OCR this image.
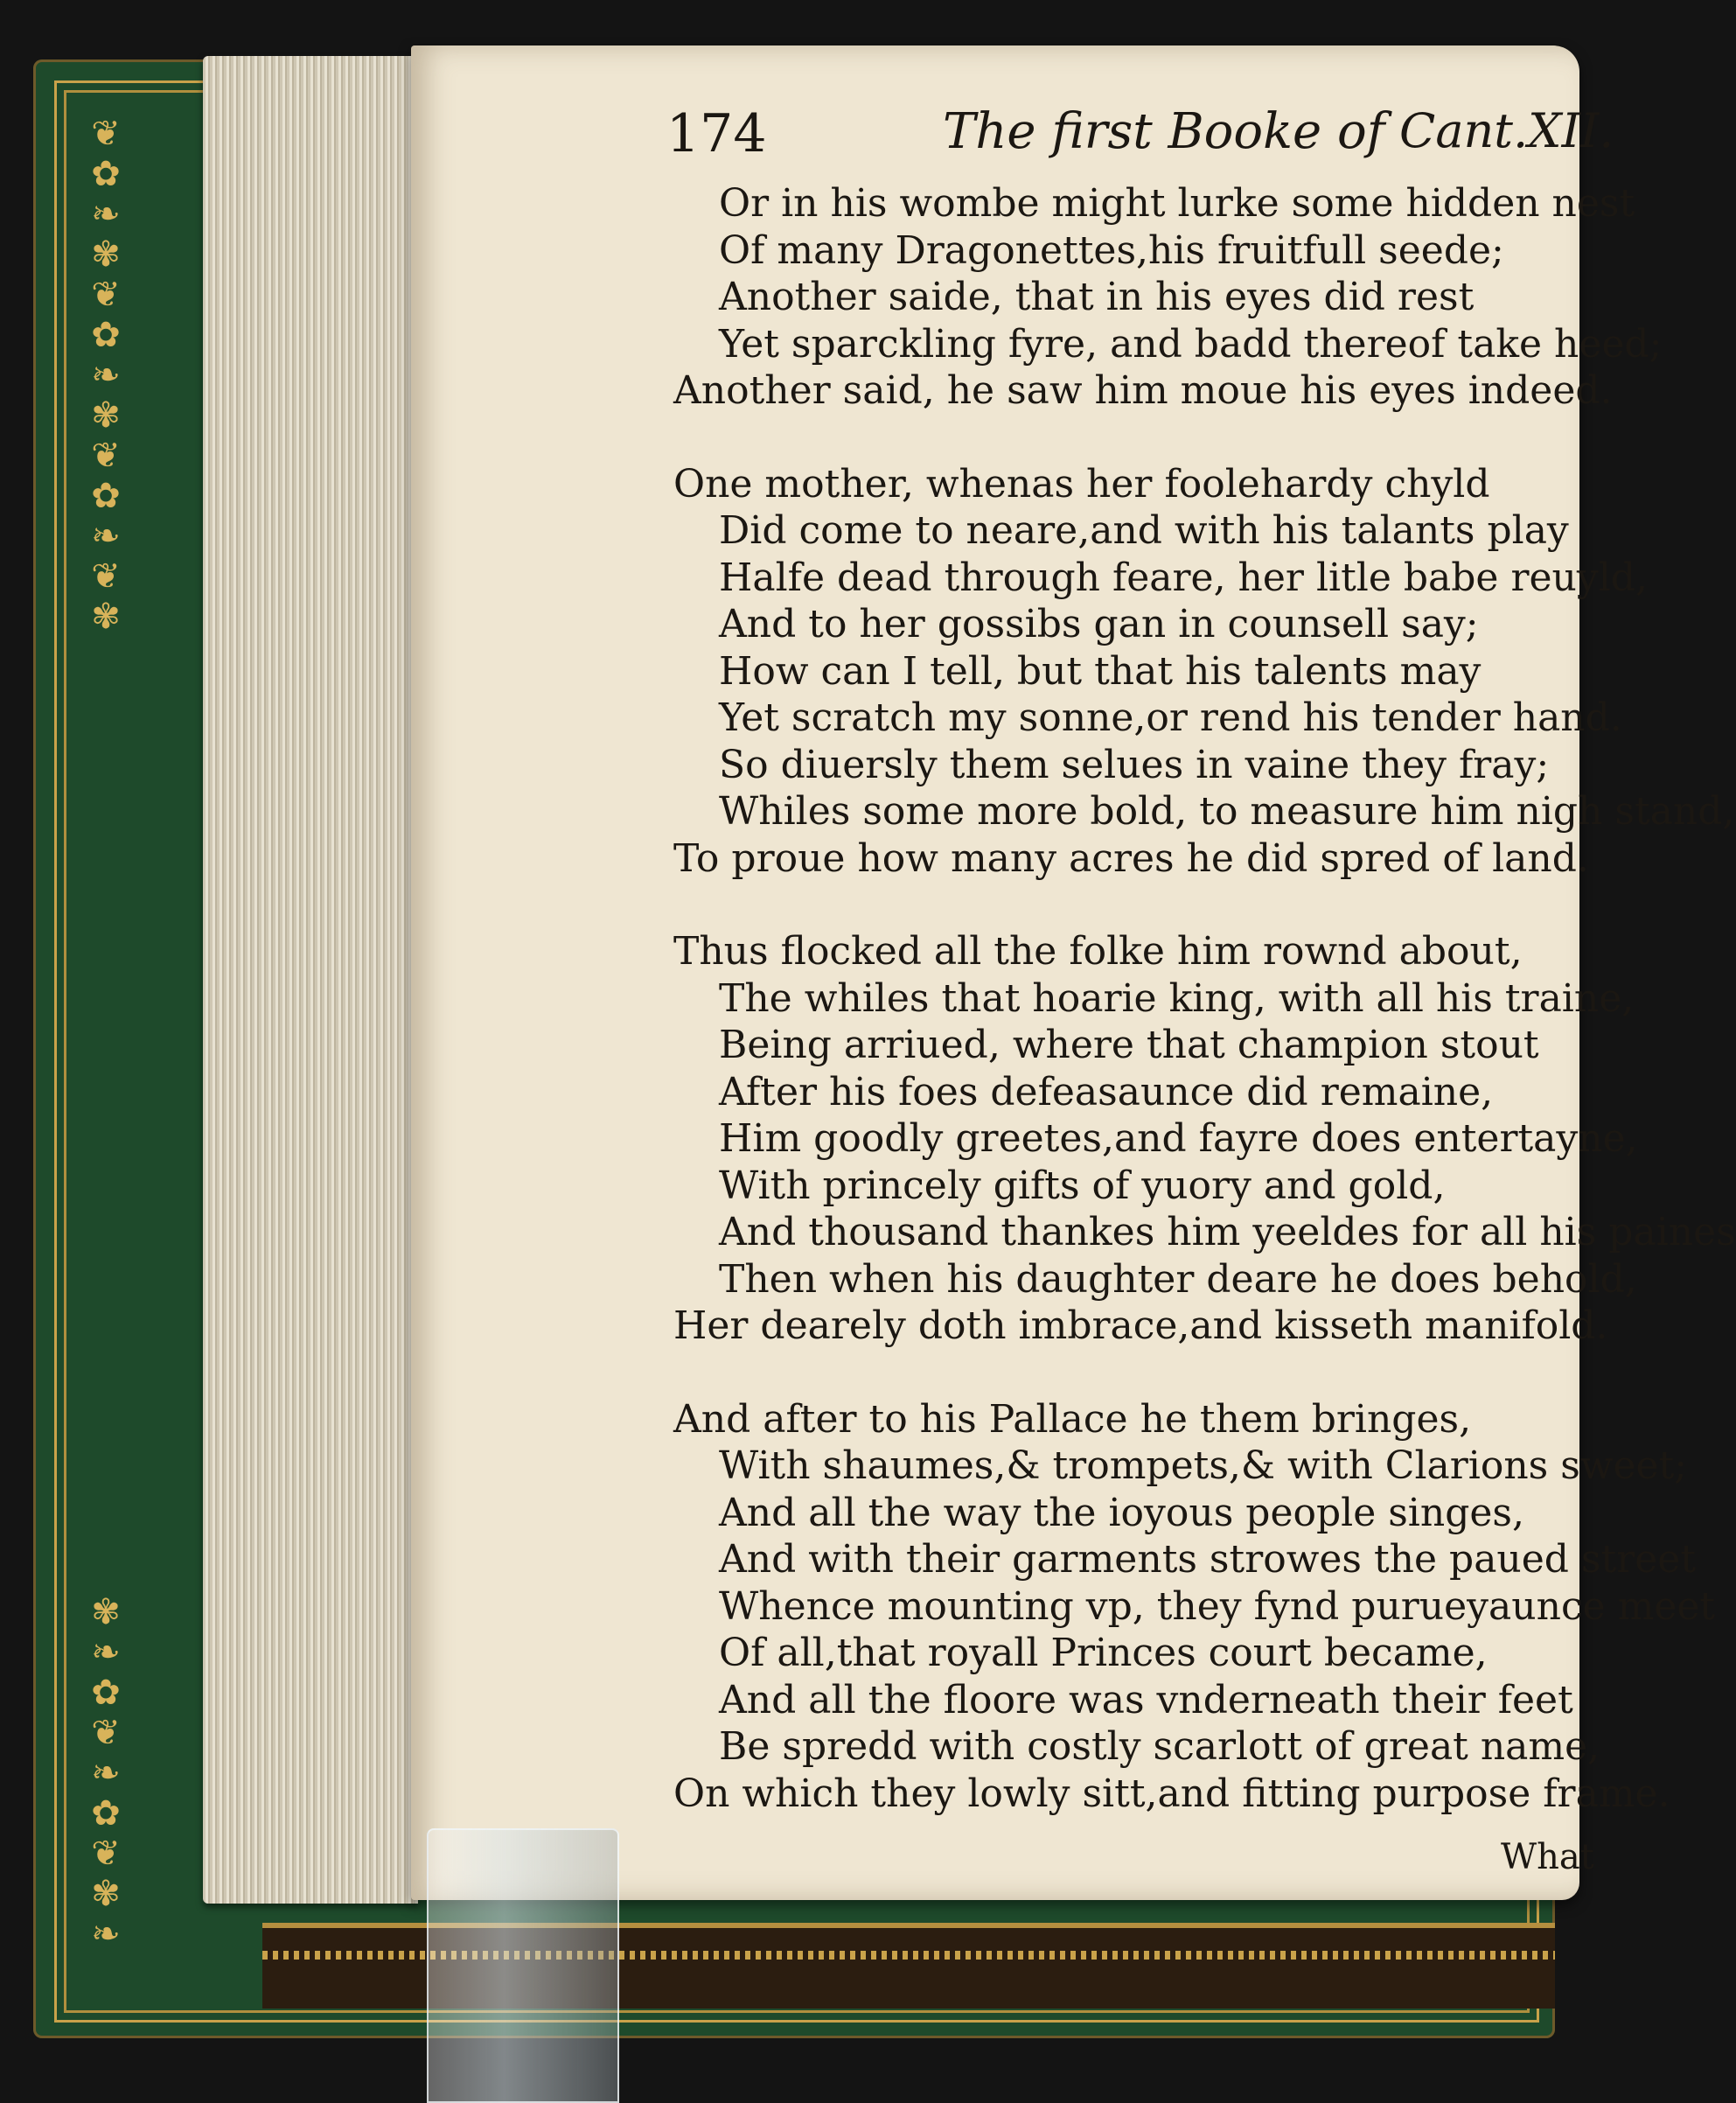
❦
✿
❧
✾
❦
✿
❧
✾
❦
✿
❧
❦
✾
✾
❧
✿
❦
❧
✿
❦
✾
❧
174	The first Booke of Cant.XII.
Or in his wombe might lurke some hidden nest
Of many Dragonettes,his fruitfull seede;
Another saide, that in his eyes did rest
Yet sparckling fyre, and badd thereof take heed;
Another said, he saw him moue his eyes indeed.
One mother, whenas her foolehardy chyld
Did come to neare,and with his talants play
Halfe dead through feare, her litle babe reuyld,
And to her gossibs gan in counsell say;
How can I tell, but that his talents may
Yet scratch my sonne,or rend his tender hand.
So diuersly them selues in vaine they fray;
Whiles some more bold, to measure him nigh stand,
To proue how many acres he did spred of land.
Thus flocked all the folke him rownd about,
The whiles that hoarie king, with all his traine,
Being arriued, where that champion stout
After his foes defeasaunce did remaine,
Him goodly greetes,and fayre does entertayne,
With princely gifts of yuory and gold,
And thousand thankes him yeeldes for all his paines
Then when his daughter deare he does behold,
Her dearely doth imbrace,and kisseth manifold.
And after to his Pallace he them bringes,
With shaumes,& trompets,& with Clarions sweet;
And all the way the ioyous people singes,
And with their garments strowes the paued street
Whence mounting vp, they fynd purueyaunce meet
Of all,that royall Princes court became,
And all the floore was vnderneath their feet
Be spredd with costly scarlott of great name,
On which they lowly sitt,and fitting purpose frame.
What
